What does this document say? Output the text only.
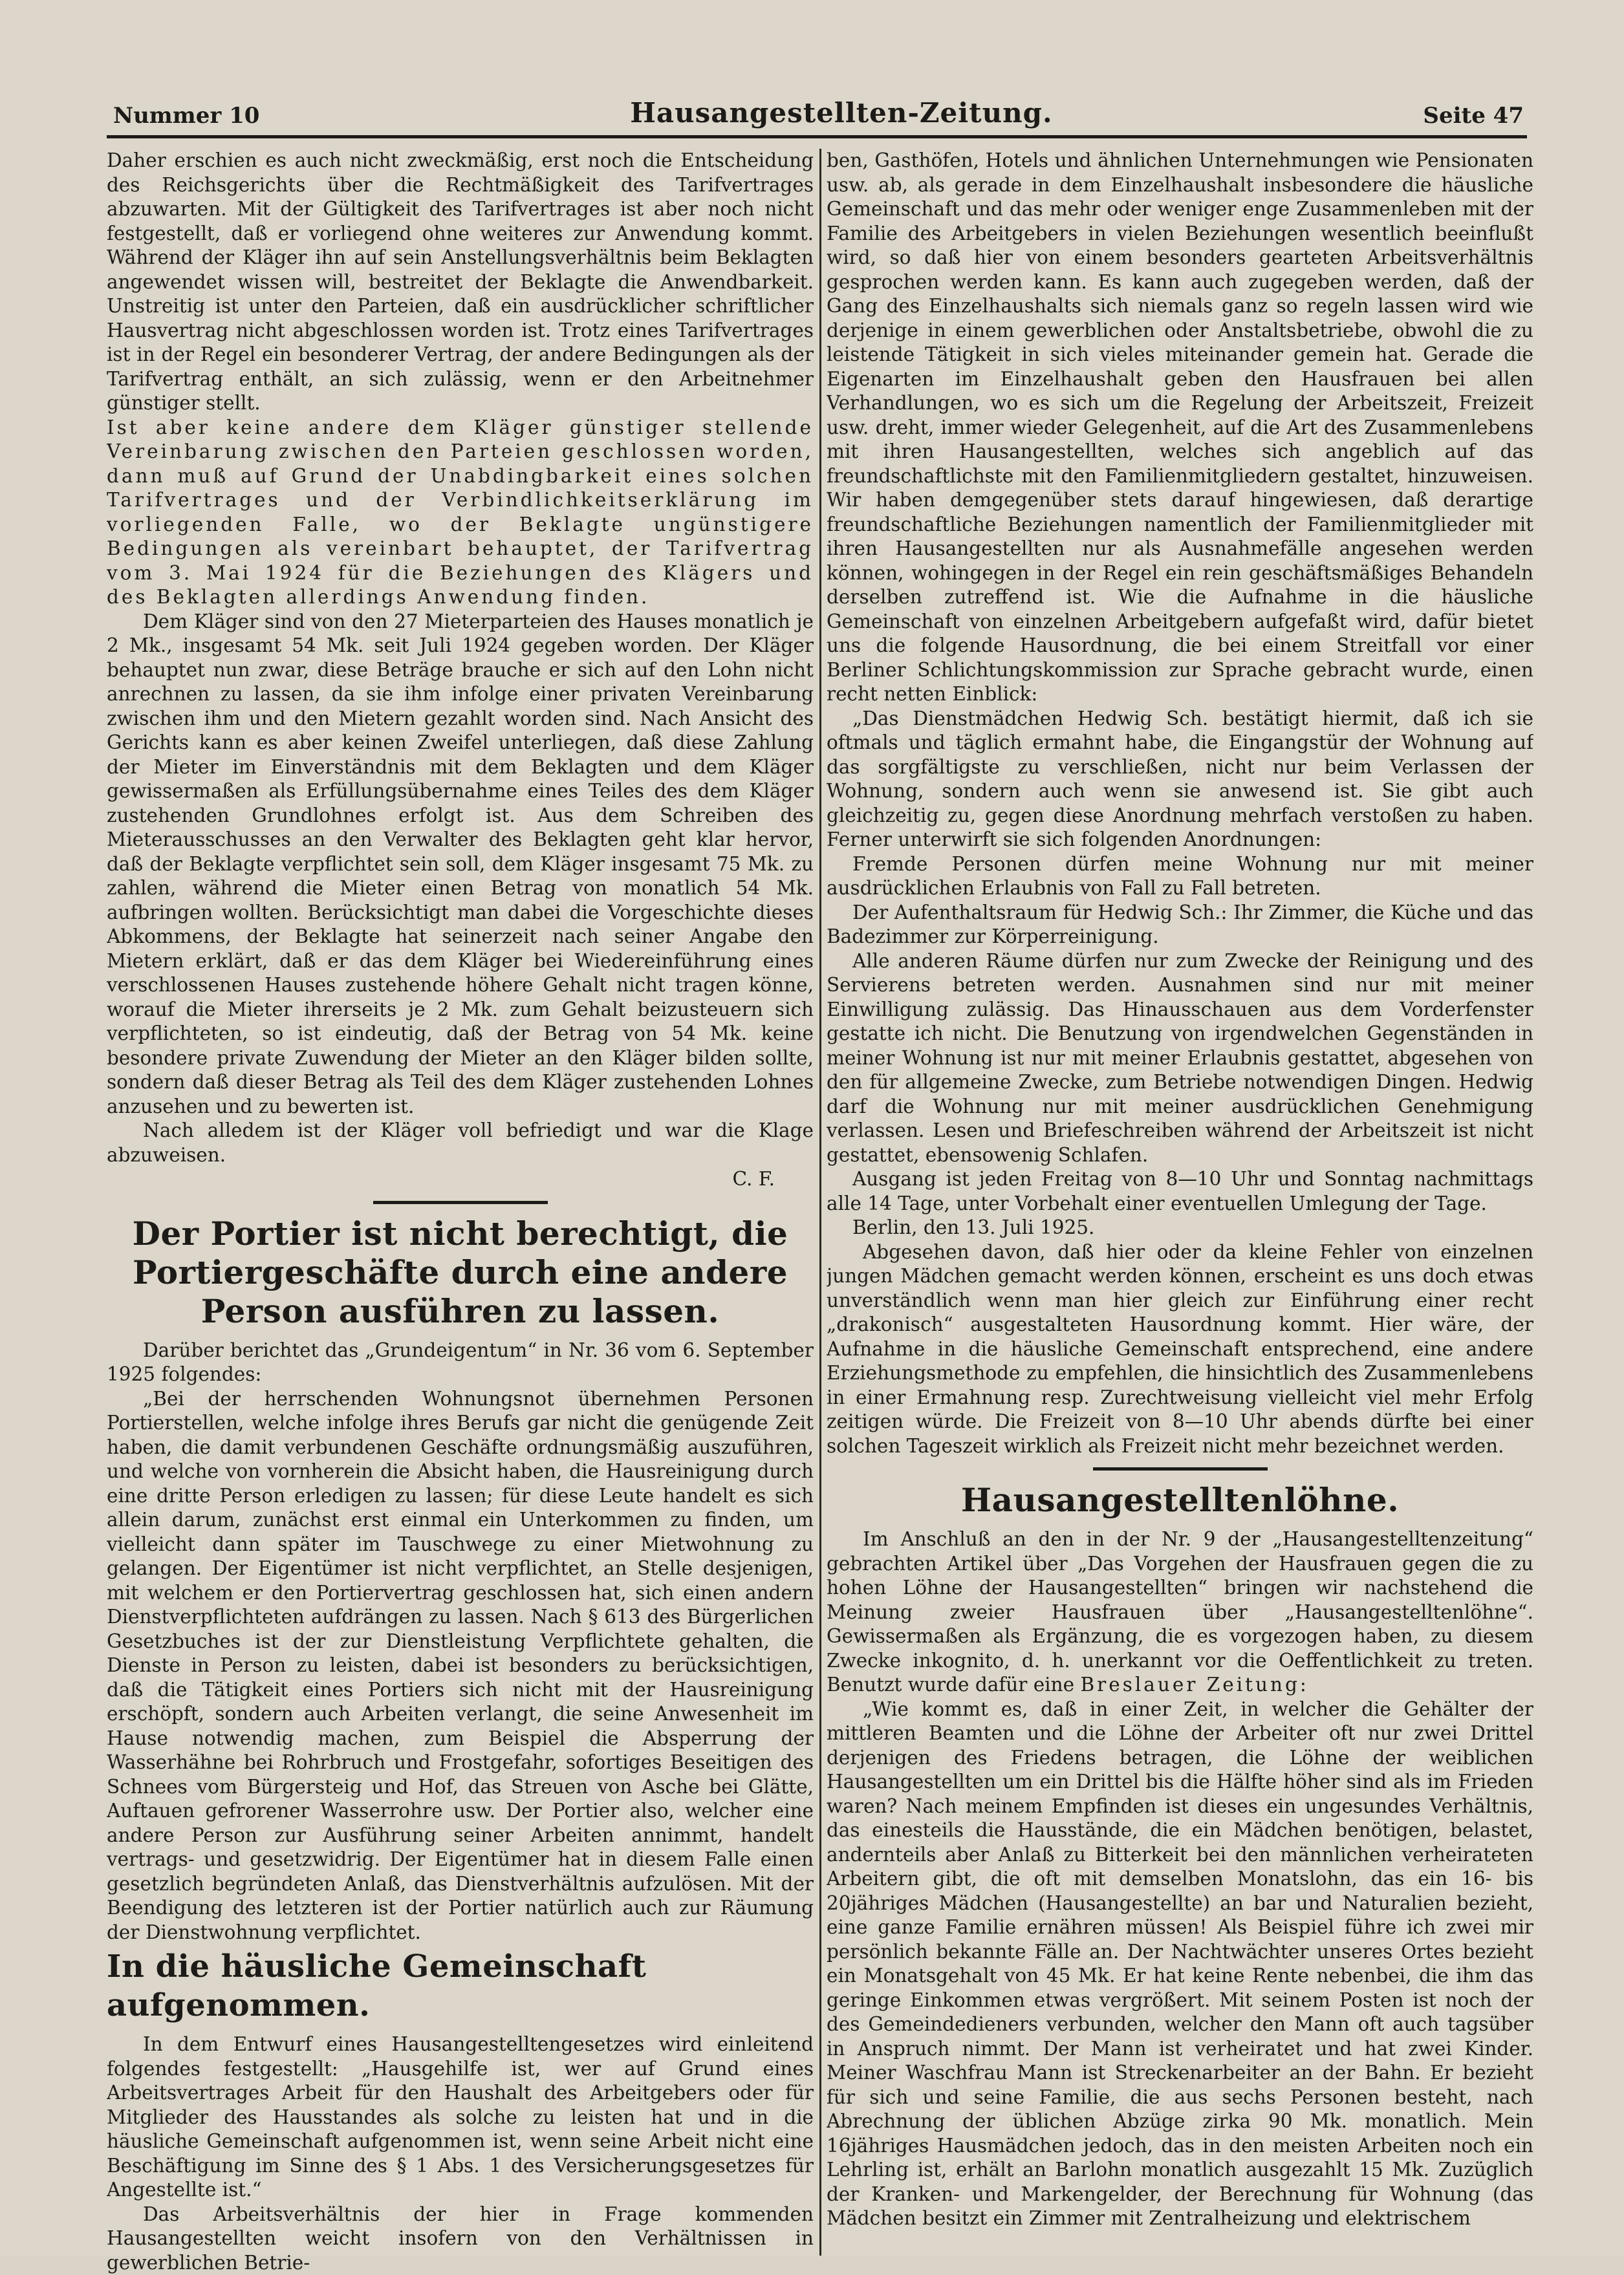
Nummer 10	Hausangestellten-Zeitung.	Seite 47

Daher erschien es auch nicht zweckmäßig, erst noch die Entscheidung des Reichsgerichts über die Rechtmäßigkeit des Tarifvertrages abzuwarten. Mit der Gültigkeit des Tarifvertrages ist aber noch nicht festgestellt, daß er vorliegend ohne weiteres zur Anwendung kommt. Während der Kläger ihn auf sein Anstellungsverhältnis beim Beklagten angewendet wissen will, bestreitet der Beklagte die Anwendbarkeit. Unstreitig ist unter den Parteien, daß ein ausdrücklicher schriftlicher Hausvertrag nicht abgeschlossen worden ist. Trotz eines Tarifvertrages ist in der Regel ein besonderer Vertrag, der andere Bedingungen als der Tarifvertrag enthält, an sich zulässig, wenn er den Arbeitnehmer günstiger stellt.

Ist aber keine andere dem Kläger günstiger stellende Vereinbarung zwischen den Parteien geschlossen worden, dann muß auf Grund der Unabdingbarkeit eines solchen Tarifvertrages und der Verbindlichkeitserklärung im vorliegenden Falle, wo der Beklagte ungünstigere Bedingungen als vereinbart behauptet, der Tarifvertrag vom 3. Mai 1924 für die Beziehungen des Klägers und des Beklagten allerdings Anwendung finden.

Dem Kläger sind von den 27 Mieterparteien des Hauses monatlich je 2 Mk., insgesamt 54 Mk. seit Juli 1924 gegeben worden. Der Kläger behauptet nun zwar, diese Beträge brauche er sich auf den Lohn nicht anrechnen zu lassen, da sie ihm infolge einer privaten Vereinbarung zwischen ihm und den Mietern gezahlt worden sind. Nach Ansicht des Gerichts kann es aber keinen Zweifel unterliegen, daß diese Zahlung der Mieter im Einverständnis mit dem Beklagten und dem Kläger gewissermaßen als Erfüllungsübernahme eines Teiles des dem Kläger zustehenden Grundlohnes erfolgt ist. Aus dem Schreiben des Mieterausschusses an den Verwalter des Beklagten geht klar hervor, daß der Beklagte verpflichtet sein soll, dem Kläger insgesamt 75 Mk. zu zahlen, während die Mieter einen Betrag von monatlich 54 Mk. aufbringen wollten. Berücksichtigt man dabei die Vorgeschichte dieses Abkommens, der Beklagte hat seinerzeit nach seiner Angabe den Mietern erklärt, daß er das dem Kläger bei Wiedereinführung eines verschlossenen Hauses zustehende höhere Gehalt nicht tragen könne, worauf die Mieter ihrerseits je 2 Mk. zum Gehalt beizusteuern sich verpflichteten, so ist eindeutig, daß der Betrag von 54 Mk. keine besondere private Zuwendung der Mieter an den Kläger bilden sollte, sondern daß dieser Betrag als Teil des dem Kläger zustehenden Lohnes anzusehen und zu bewerten ist.

Nach alledem ist der Kläger voll befriedigt und war die Klage abzuweisen.

C. F.

Der Portier ist nicht berechtigt, die Portiergeschäfte durch eine andere Person ausführen zu lassen.

Darüber berichtet das „Grundeigentum“ in Nr. 36 vom 6. September 1925 folgendes:

„Bei der herrschenden Wohnungsnot übernehmen Personen Portierstellen, welche infolge ihres Berufs gar nicht die genügende Zeit haben, die damit verbundenen Geschäfte ordnungsmäßig auszuführen, und welche von vornherein die Absicht haben, die Hausreinigung durch eine dritte Person erledigen zu lassen; für diese Leute handelt es sich allein darum, zunächst erst einmal ein Unterkommen zu finden, um vielleicht dann später im Tauschwege zu einer Mietwohnung zu gelangen. Der Eigentümer ist nicht verpflichtet, an Stelle desjenigen, mit welchem er den Portiervertrag geschlossen hat, sich einen andern Dienstverpflichteten aufdrängen zu lassen. Nach § 613 des Bürgerlichen Gesetzbuches ist der zur Dienstleistung Verpflichtete gehalten, die Dienste in Person zu leisten, dabei ist besonders zu berücksichtigen, daß die Tätigkeit eines Portiers sich nicht mit der Hausreinigung erschöpft, sondern auch Arbeiten verlangt, die seine Anwesenheit im Hause notwendig machen, zum Beispiel die Absperrung der Wasserhähne bei Rohrbruch und Frostgefahr, sofortiges Beseitigen des Schnees vom Bürgersteig und Hof, das Streuen von Asche bei Glätte, Auftauen gefrorener Wasserrohre usw. Der Portier also, welcher eine andere Person zur Ausführung seiner Arbeiten annimmt, handelt vertrags- und gesetzwidrig. Der Eigentümer hat in diesem Falle einen gesetzlich begründeten Anlaß, das Dienstverhältnis aufzulösen. Mit der Beendigung des letzteren ist der Portier natürlich auch zur Räumung der Dienstwohnung verpflichtet.

In die häusliche Gemeinschaft aufgenommen.

In dem Entwurf eines Hausangestelltengesetzes wird einleitend folgendes festgestellt: „Hausgehilfe ist, wer auf Grund eines Arbeitsvertrages Arbeit für den Haushalt des Arbeitgebers oder für Mitglieder des Hausstandes als solche zu leisten hat und in die häusliche Gemeinschaft aufgenommen ist, wenn seine Arbeit nicht eine Beschäftigung im Sinne des § 1 Abs. 1 des Versicherungsgesetzes für Angestellte ist.“

Das Arbeitsverhältnis der hier in Frage kommenden Hausangestellten weicht insofern von den Verhältnissen in gewerblichen Betrie-

ben, Gasthöfen, Hotels und ähnlichen Unternehmungen wie Pensionaten usw. ab, als gerade in dem Einzelhaushalt insbesondere die häusliche Gemeinschaft und das mehr oder weniger enge Zusammenleben mit der Familie des Arbeitgebers in vielen Beziehungen wesentlich beeinflußt wird, so daß hier von einem besonders gearteten Arbeitsverhältnis gesprochen werden kann. Es kann auch zugegeben werden, daß der Gang des Einzelhaushalts sich niemals ganz so regeln lassen wird wie derjenige in einem gewerblichen oder Anstaltsbetriebe, obwohl die zu leistende Tätigkeit in sich vieles miteinander gemein hat. Gerade die Eigenarten im Einzelhaushalt geben den Hausfrauen bei allen Verhandlungen, wo es sich um die Regelung der Arbeitszeit, Freizeit usw. dreht, immer wieder Gelegenheit, auf die Art des Zusammenlebens mit ihren Hausangestellten, welches sich angeblich auf das freundschaftlichste mit den Familienmitgliedern gestaltet, hinzuweisen. Wir haben demgegenüber stets darauf hingewiesen, daß derartige freundschaftliche Beziehungen namentlich der Familienmitglieder mit ihren Hausangestellten nur als Ausnahmefälle angesehen werden können, wohingegen in der Regel ein rein geschäftsmäßiges Behandeln derselben zutreffend ist. Wie die Aufnahme in die häusliche Gemeinschaft von einzelnen Arbeitgebern aufgefaßt wird, dafür bietet uns die folgende Hausordnung, die bei einem Streitfall vor einer Berliner Schlichtungskommission zur Sprache gebracht wurde, einen recht netten Einblick:

„Das Dienstmädchen Hedwig Sch. bestätigt hiermit, daß ich sie oftmals und täglich ermahnt habe, die Eingangstür der Wohnung auf das sorgfältigste zu verschließen, nicht nur beim Verlassen der Wohnung, sondern auch wenn sie anwesend ist. Sie gibt auch gleichzeitig zu, gegen diese Anordnung mehrfach verstoßen zu haben. Ferner unterwirft sie sich folgenden Anordnungen:

Fremde Personen dürfen meine Wohnung nur mit meiner ausdrücklichen Erlaubnis von Fall zu Fall betreten.

Der Aufenthaltsraum für Hedwig Sch.: Ihr Zimmer, die Küche und das Badezimmer zur Körperreinigung.

Alle anderen Räume dürfen nur zum Zwecke der Reinigung und des Servierens betreten werden. Ausnahmen sind nur mit meiner Einwilligung zulässig. Das Hinausschauen aus dem Vorderfenster gestatte ich nicht. Die Benutzung von irgendwelchen Gegenständen in meiner Wohnung ist nur mit meiner Erlaubnis gestattet, abgesehen von den für allgemeine Zwecke, zum Betriebe notwendigen Dingen. Hedwig darf die Wohnung nur mit meiner ausdrücklichen Genehmigung verlassen. Lesen und Briefeschreiben während der Arbeitszeit ist nicht gestattet, ebensowenig Schlafen.

Ausgang ist jeden Freitag von 8—10 Uhr und Sonntag nachmittags alle 14 Tage, unter Vorbehalt einer eventuellen Umlegung der Tage.

Berlin, den 13. Juli 1925.

Abgesehen davon, daß hier oder da kleine Fehler von einzelnen jungen Mädchen gemacht werden können, erscheint es uns doch etwas unverständlich wenn man hier gleich zur Einführung einer recht „drakonisch“ ausgestalteten Hausordnung kommt. Hier wäre, der Aufnahme in die häusliche Gemeinschaft entsprechend, eine andere Erziehungsmethode zu empfehlen, die hinsichtlich des Zusammenlebens in einer Ermahnung resp. Zurechtweisung vielleicht viel mehr Erfolg zeitigen würde. Die Freizeit von 8—10 Uhr abends dürfte bei einer solchen Tageszeit wirklich als Freizeit nicht mehr bezeichnet werden.

Hausangestelltenlöhne.

Im Anschluß an den in der Nr. 9 der „Hausangestelltenzeitung“ gebrachten Artikel über „Das Vorgehen der Hausfrauen gegen die zu hohen Löhne der Hausangestellten“ bringen wir nachstehend die Meinung zweier Hausfrauen über „Hausangestelltenlöhne“. Gewissermaßen als Ergänzung, die es vorgezogen haben, zu diesem Zwecke inkognito, d. h. unerkannt vor die Oeffentlichkeit zu treten. Benutzt wurde dafür eine Breslauer Zeitung:

„Wie kommt es, daß in einer Zeit, in welcher die Gehälter der mittleren Beamten und die Löhne der Arbeiter oft nur zwei Drittel derjenigen des Friedens betragen, die Löhne der weiblichen Hausangestellten um ein Drittel bis die Hälfte höher sind als im Frieden waren? Nach meinem Empfinden ist dieses ein ungesundes Verhältnis, das einesteils die Hausstände, die ein Mädchen benötigen, belastet, andernteils aber Anlaß zu Bitterkeit bei den männlichen verheirateten Arbeitern gibt, die oft mit demselben Monatslohn, das ein 16- bis 20jähriges Mädchen (Hausangestellte) an bar und Naturalien bezieht, eine ganze Familie ernähren müssen! Als Beispiel führe ich zwei mir persönlich bekannte Fälle an. Der Nachtwächter unseres Ortes bezieht ein Monatsgehalt von 45 Mk. Er hat keine Rente nebenbei, die ihm das geringe Einkommen etwas vergrößert. Mit seinem Posten ist noch der des Gemeindedieners verbunden, welcher den Mann oft auch tagsüber in Anspruch nimmt. Der Mann ist verheiratet und hat zwei Kinder. Meiner Waschfrau Mann ist Streckenarbeiter an der Bahn. Er bezieht für sich und seine Familie, die aus sechs Personen besteht, nach Abrechnung der üblichen Abzüge zirka 90 Mk. monatlich. Mein 16jähriges Hausmädchen jedoch, das in den meisten Arbeiten noch ein Lehrling ist, erhält an Barlohn monatlich ausgezahlt 15 Mk. Zuzüglich der Kranken- und Markengelder, der Berechnung für Wohnung (das Mädchen besitzt ein Zimmer mit Zentralheizung und elektrischem
